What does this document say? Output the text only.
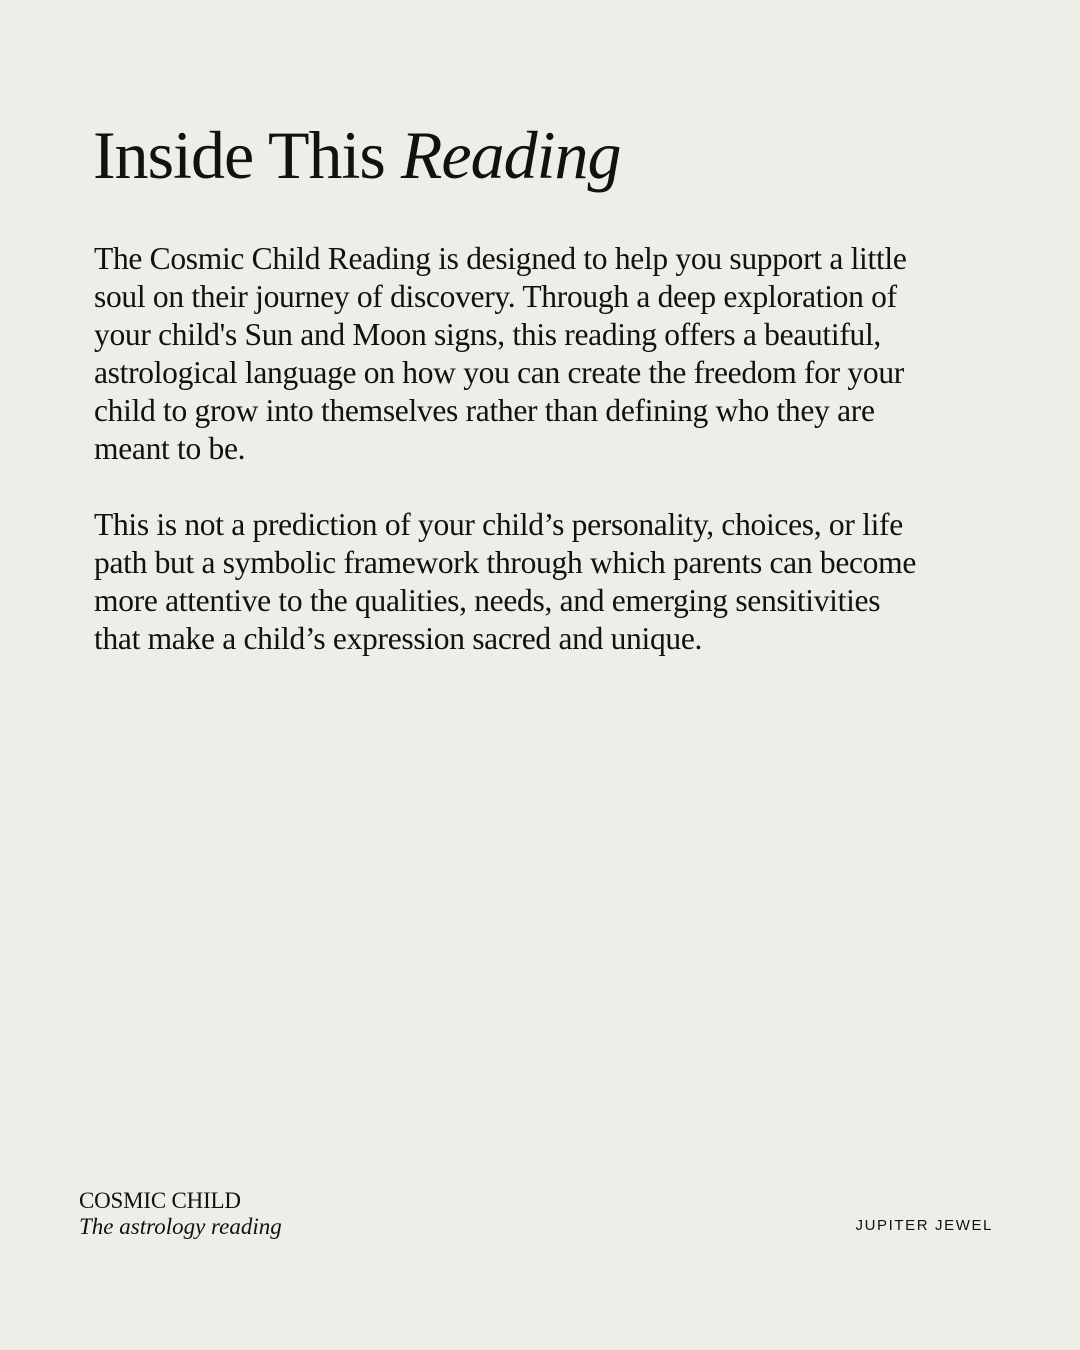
Inside This Reading

The Cosmic Child Reading is designed to help you support a little soul on their journey of discovery. Through a deep exploration of your child's Sun and Moon signs, this reading offers a beautiful, astrological language on how you can create the freedom for your child to grow into themselves rather than defining who they are meant to be.

This is not a prediction of your child’s personality, choices, or life path but a symbolic framework through which parents can become more attentive to the qualities, needs, and emerging sensitivities that make a child’s expression sacred and unique.

COSMIC CHILD
The astrology reading	JUPITER JEWEL
